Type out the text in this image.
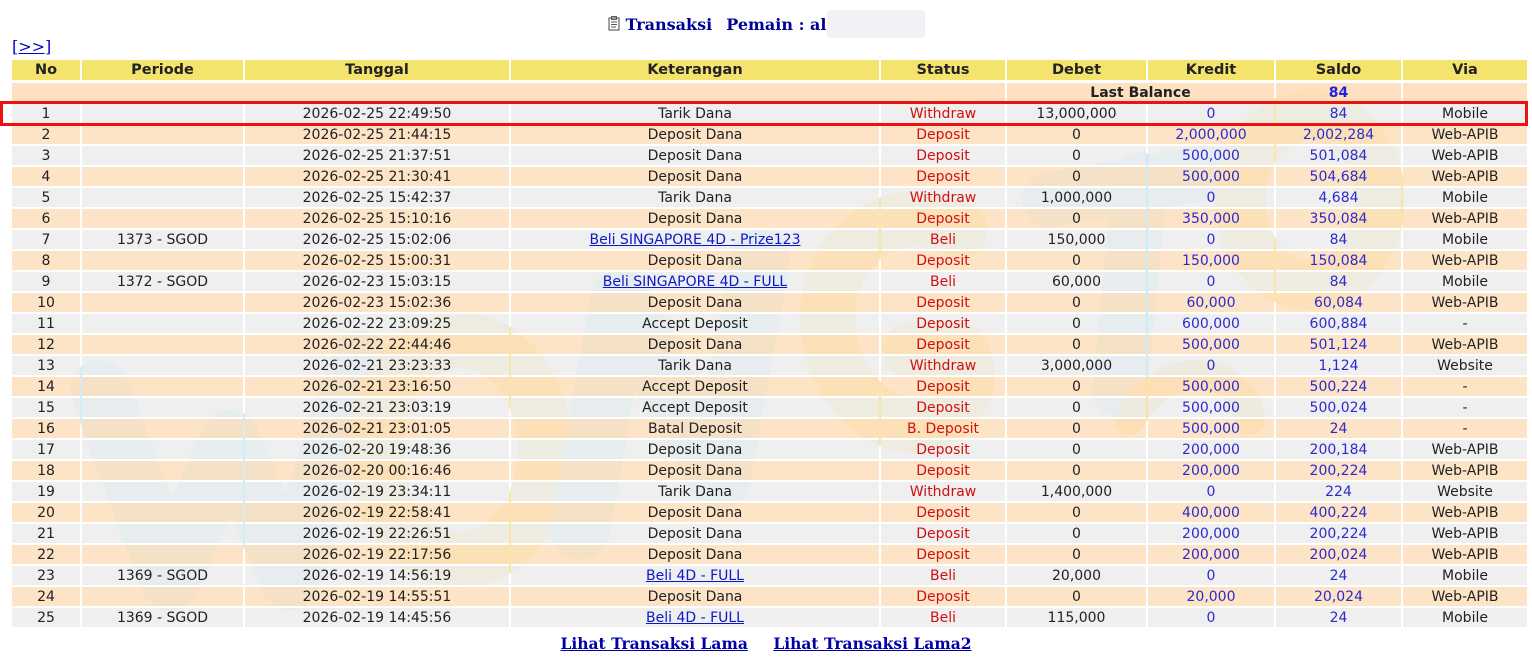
Transaksi Pemain : al
[>>]
No	Periode	Tanggal	Keterangan	Status	Debet	Kredit	Saldo	Via
					Last Balance		84	
1		2026-02-25 22:49:50	Tarik Dana	Withdraw	13,000,000	0	84	Mobile
2		2026-02-25 21:44:15	Deposit Dana	Deposit	0	2,000,000	2,002,284	Web-APIB
3		2026-02-25 21:37:51	Deposit Dana	Deposit	0	500,000	501,084	Web-APIB
4		2026-02-25 21:30:41	Deposit Dana	Deposit	0	500,000	504,684	Web-APIB
5		2026-02-25 15:42:37	Tarik Dana	Withdraw	1,000,000	0	4,684	Mobile
6		2026-02-25 15:10:16	Deposit Dana	Deposit	0	350,000	350,084	Web-APIB
7	1373 - SGOD	2026-02-25 15:02:06	Beli SINGAPORE 4D - Prize123	Beli	150,000	0	84	Mobile
8		2026-02-25 15:00:31	Deposit Dana	Deposit	0	150,000	150,084	Web-APIB
9	1372 - SGOD	2026-02-23 15:03:15	Beli SINGAPORE 4D - FULL	Beli	60,000	0	84	Mobile
10		2026-02-23 15:02:36	Deposit Dana	Deposit	0	60,000	60,084	Web-APIB
11		2026-02-22 23:09:25	Accept Deposit	Deposit	0	600,000	600,884	-
12		2026-02-22 22:44:46	Deposit Dana	Deposit	0	500,000	501,124	Web-APIB
13		2026-02-21 23:23:33	Tarik Dana	Withdraw	3,000,000	0	1,124	Website
14		2026-02-21 23:16:50	Accept Deposit	Deposit	0	500,000	500,224	-
15		2026-02-21 23:03:19	Accept Deposit	Deposit	0	500,000	500,024	-
16		2026-02-21 23:01:05	Batal Deposit	B. Deposit	0	500,000	24	-
17		2026-02-20 19:48:36	Deposit Dana	Deposit	0	200,000	200,184	Web-APIB
18		2026-02-20 00:16:46	Deposit Dana	Deposit	0	200,000	200,224	Web-APIB
19		2026-02-19 23:34:11	Tarik Dana	Withdraw	1,400,000	0	224	Website
20		2026-02-19 22:58:41	Deposit Dana	Deposit	0	400,000	400,224	Web-APIB
21		2026-02-19 22:26:51	Deposit Dana	Deposit	0	200,000	200,224	Web-APIB
22		2026-02-19 22:17:56	Deposit Dana	Deposit	0	200,000	200,024	Web-APIB
23	1369 - SGOD	2026-02-19 14:56:19	Beli 4D - FULL	Beli	20,000	0	24	Mobile
24		2026-02-19 14:55:51	Deposit Dana	Deposit	0	20,000	20,024	Web-APIB
25	1369 - SGOD	2026-02-19 14:45:56	Beli 4D - FULL	Beli	115,000	0	24	Mobile
Lihat Transaksi Lama Lihat Transaksi Lama2
